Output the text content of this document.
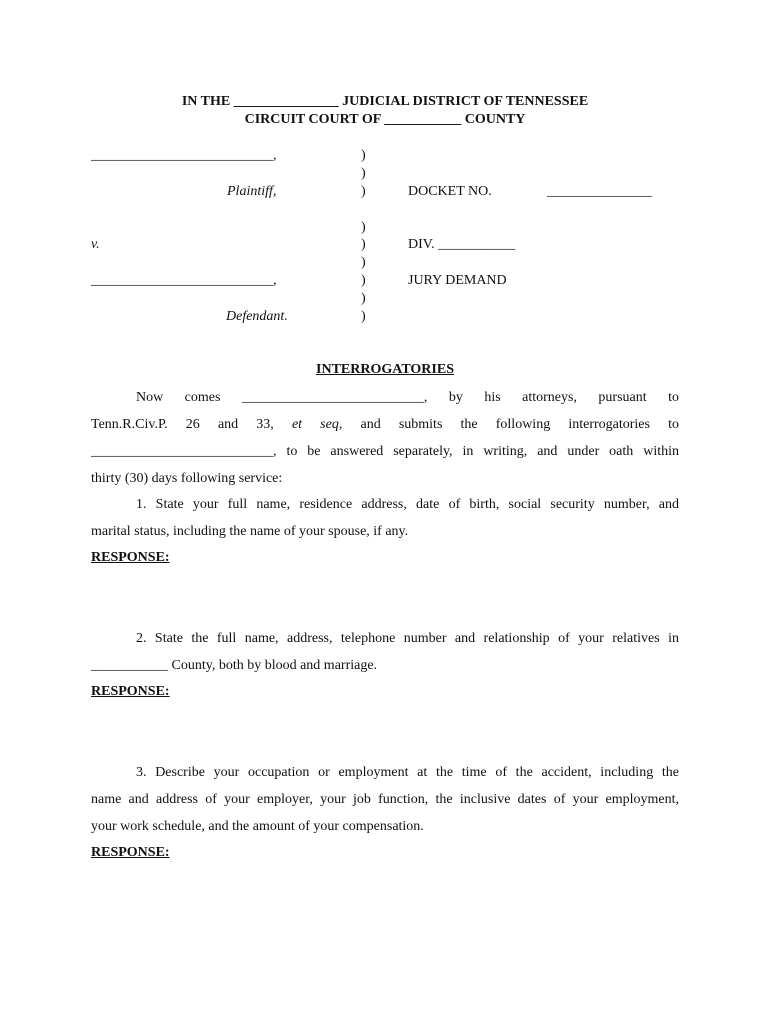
IN THE _______________ JUDICIAL DISTRICT OF TENNESSEE
CIRCUIT COURT OF ___________ COUNTY
__________________________,
Plaintiff,
v.
__________________________,
Defendant.
)
)
)
)
)
)
)
)
)
DOCKET NO.	_______________
DIV. ___________
JURY DEMAND
INTERROGATORIES
Now comes __________________________, by his attorneys, pursuant to
Tenn.R.Civ.P. 26 and 33, et seq, and submits the following interrogatories to
__________________________, to be answered separately, in writing, and under oath within
thirty (30) days following service:
1. State your full name, residence address, date of birth, social security number, and
marital status, including the name of your spouse, if any.
RESPONSE:
2. State the full name, address, telephone number and relationship of your relatives in
___________ County, both by blood and marriage.
RESPONSE:
3. Describe your occupation or employment at the time of the accident, including the
name and address of your employer, your job function, the inclusive dates of your employment,
your work schedule, and the amount of your compensation.
RESPONSE:
